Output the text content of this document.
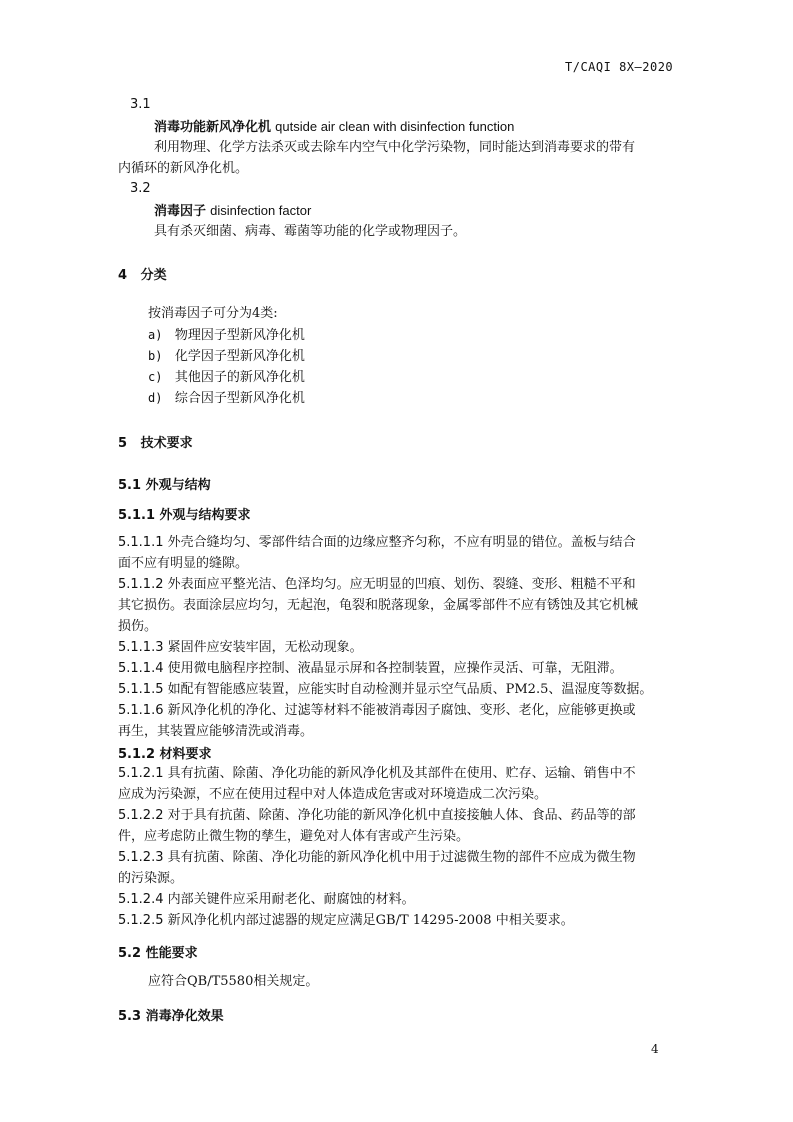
T/CAQI 8X—2020
3.1
消毒功能新风净化机 qutside air clean with disinfection function
利用物理、化学方法杀灭或去除车内空气中化学污染物，同时能达到消毒要求的带有
内循环的新风净化机。
3.2
消毒因子 disinfection factor
具有杀灭细菌、病毒、霉菌等功能的化学或物理因子。
4 分类
按消毒因子可分为4类:
a) 物理因子型新风净化机
b) 化学因子型新风净化机
c) 其他因子的新风净化机
d) 综合因子型新风净化机
5 技术要求
5.1 外观与结构
5.1.1 外观与结构要求
5.1.1.1 外壳合缝均匀、零部件结合面的边缘应整齐匀称，不应有明显的错位。盖板与结合
面不应有明显的缝隙。
5.1.1.2 外表面应平整光洁、色泽均匀。应无明显的凹痕、划伤、裂缝、变形、粗糙不平和
其它损伤。表面涂层应均匀，无起泡，龟裂和脱落现象，金属零部件不应有锈蚀及其它机械
损伤。
5.1.1.3 紧固件应安装牢固，无松动现象。
5.1.1.4 使用微电脑程序控制、液晶显示屏和各控制装置，应操作灵活、可靠，无阻滞。
5.1.1.5 如配有智能感应装置，应能实时自动检测并显示空气品质、PM2.5、温湿度等数据。
5.1.1.6 新风净化机的净化、过滤等材料不能被消毒因子腐蚀、变形、老化，应能够更换或
再生，其装置应能够清洗或消毒。
5.1.2 材料要求
5.1.2.1 具有抗菌、除菌、净化功能的新风净化机及其部件在使用、贮存、运输、销售中不
应成为污染源，不应在使用过程中对人体造成危害或对环境造成二次污染。
5.1.2.2 对于具有抗菌、除菌、净化功能的新风净化机中直接接触人体、食品、药品等的部
件，应考虑防止微生物的孳生，避免对人体有害或产生污染。
5.1.2.3 具有抗菌、除菌、净化功能的新风净化机中用于过滤微生物的部件不应成为微生物
的污染源。
5.1.2.4 内部关键件应采用耐老化、耐腐蚀的材料。
5.1.2.5 新风净化机内部过滤器的规定应满足GB/T 14295-2008 中相关要求。
5.2 性能要求
应符合QB/T5580相关规定。
5.3 消毒净化效果
4
